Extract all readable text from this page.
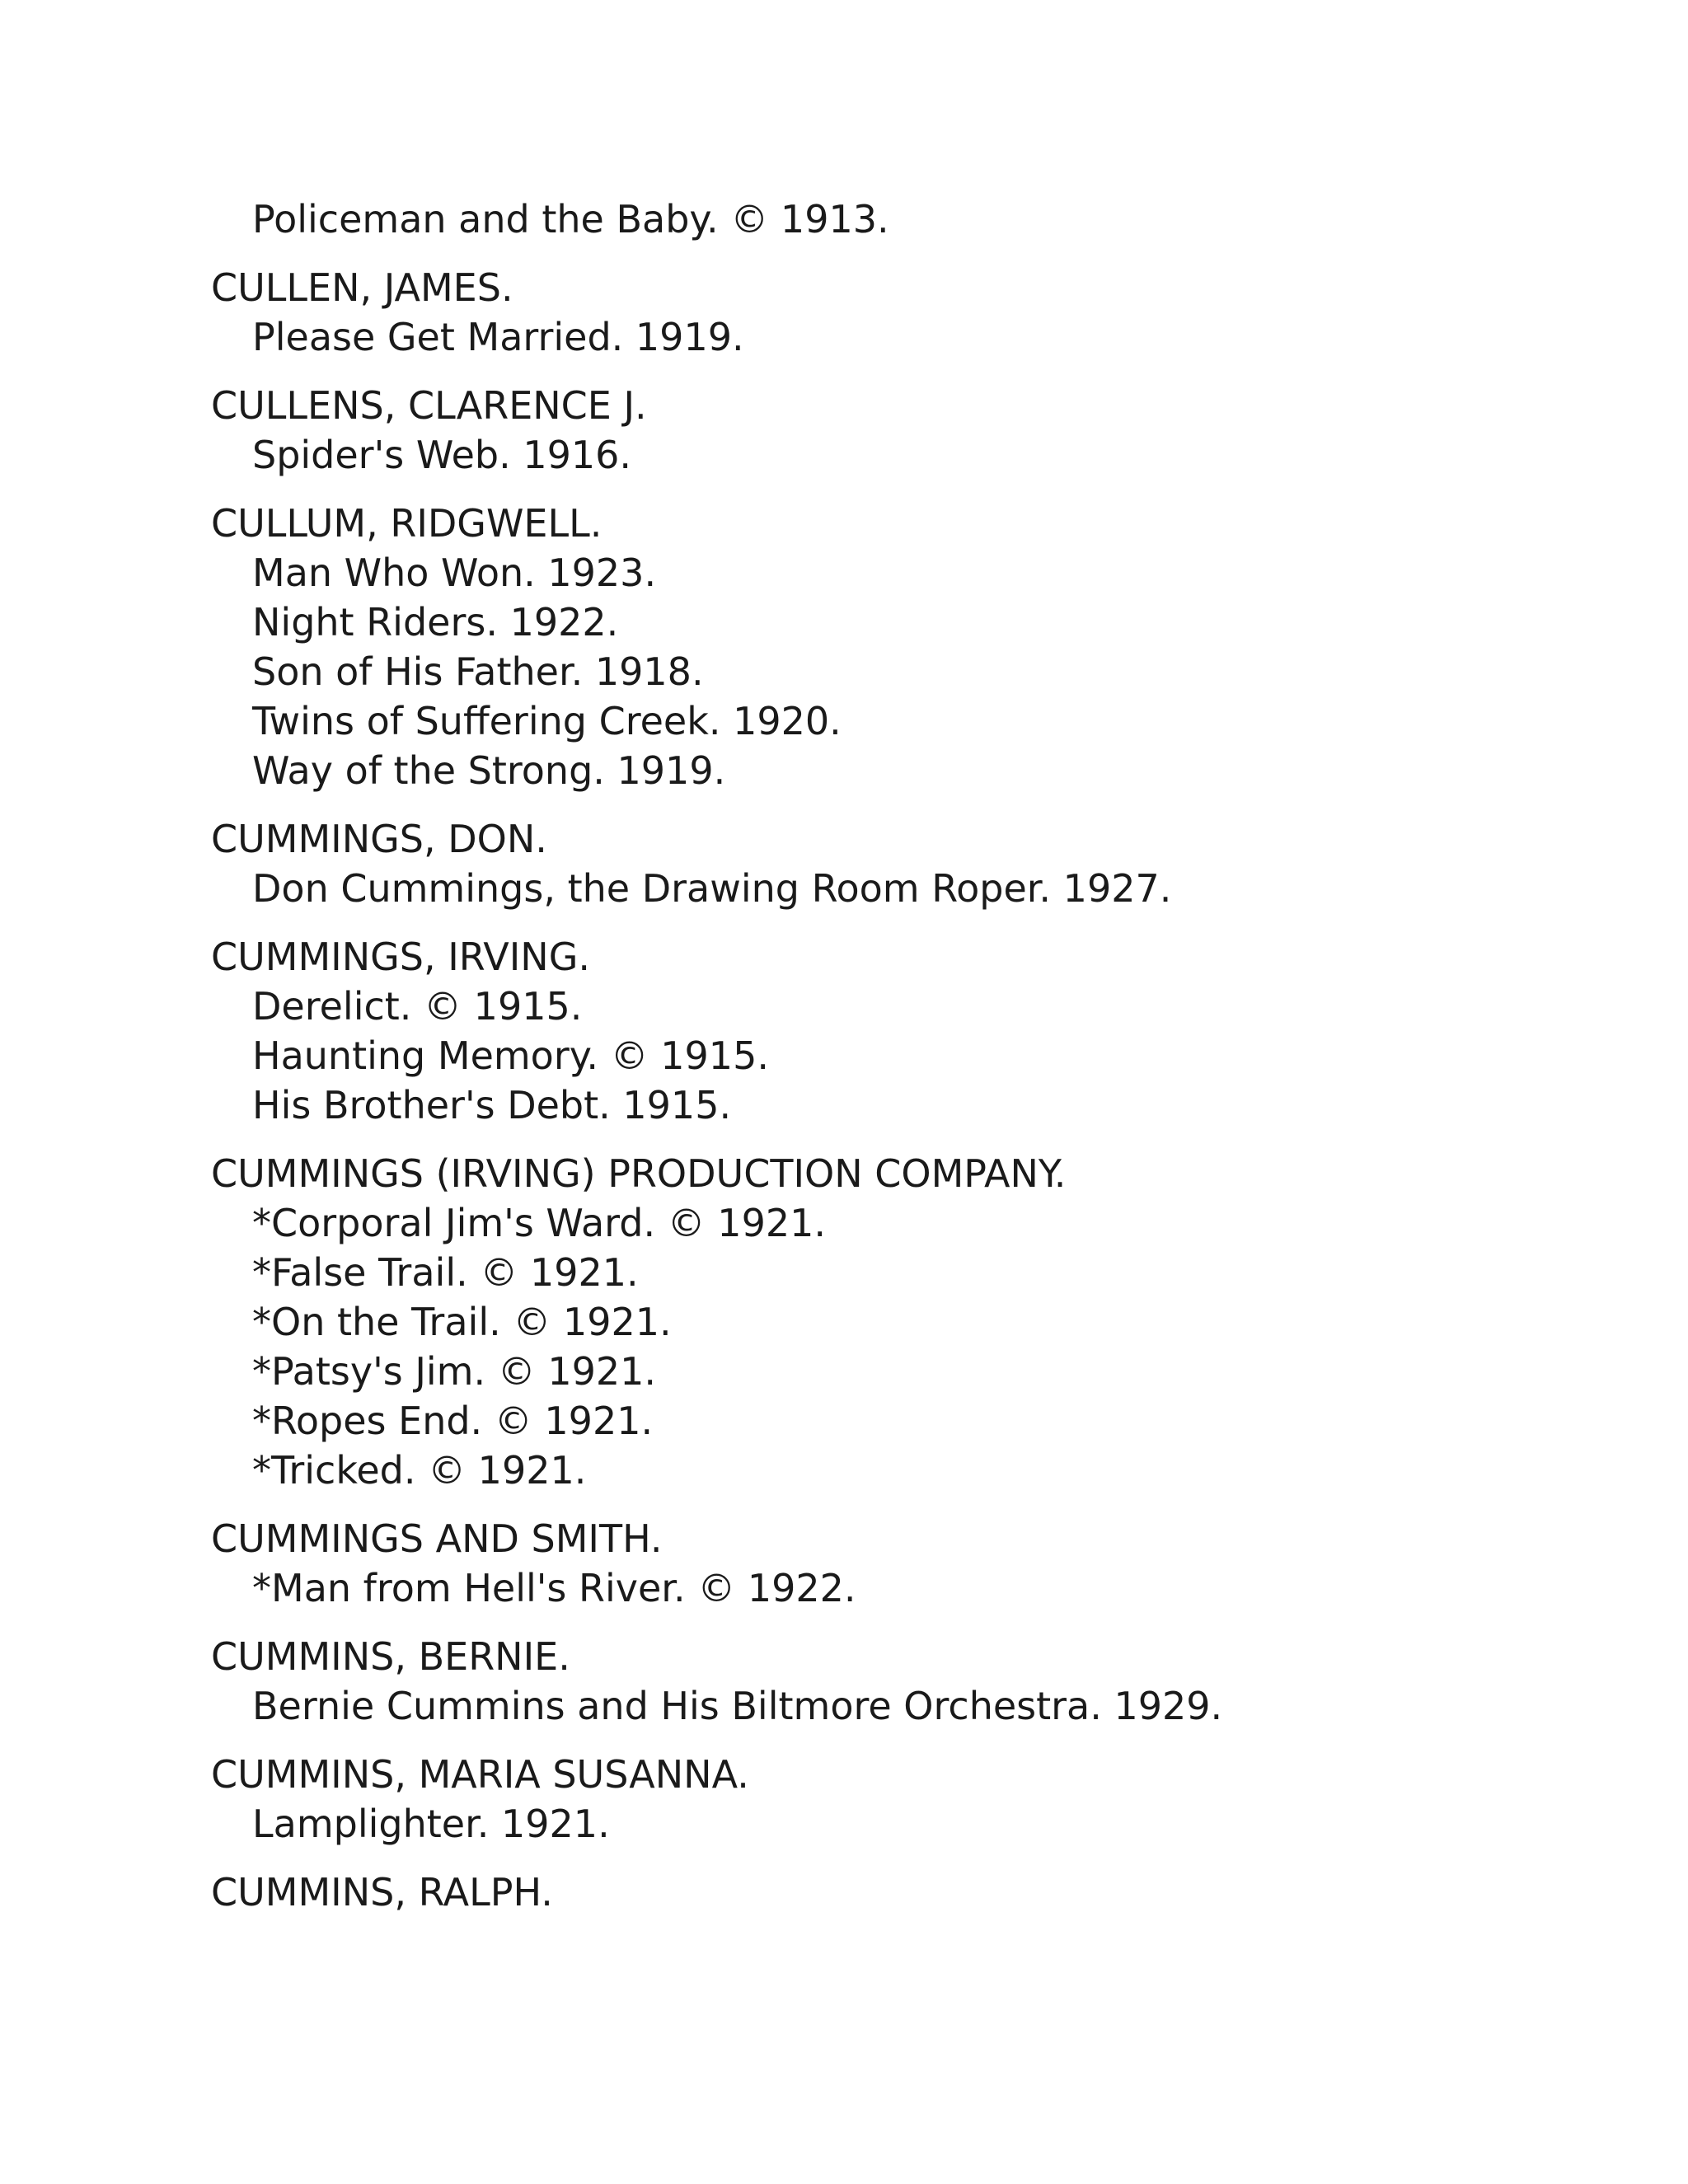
Policeman and the Baby. © 1913.
CULLEN, JAMES.
Please Get Married. 1919.
CULLENS, CLARENCE J.
Spider's Web. 1916.
CULLUM, RIDGWELL.
Man Who Won. 1923.
Night Riders. 1922.
Son of His Father. 1918.
Twins of Suffering Creek. 1920.
Way of the Strong. 1919.
CUMMINGS, DON.
Don Cummings, the Drawing Room Roper. 1927.
CUMMINGS, IRVING.
Derelict. © 1915.
Haunting Memory. © 1915.
His Brother's Debt. 1915.
CUMMINGS (IRVING) PRODUCTION COMPANY.
*Corporal Jim's Ward. © 1921.
*False Trail. © 1921.
*On the Trail. © 1921.
*Patsy's Jim. © 1921.
*Ropes End. © 1921.
*Tricked. © 1921.
CUMMINGS AND SMITH.
*Man from Hell's River. © 1922.
CUMMINS, BERNIE.
Bernie Cummins and His Biltmore Orchestra. 1929.
CUMMINS, MARIA SUSANNA.
Lamplighter. 1921.
CUMMINS, RALPH.
